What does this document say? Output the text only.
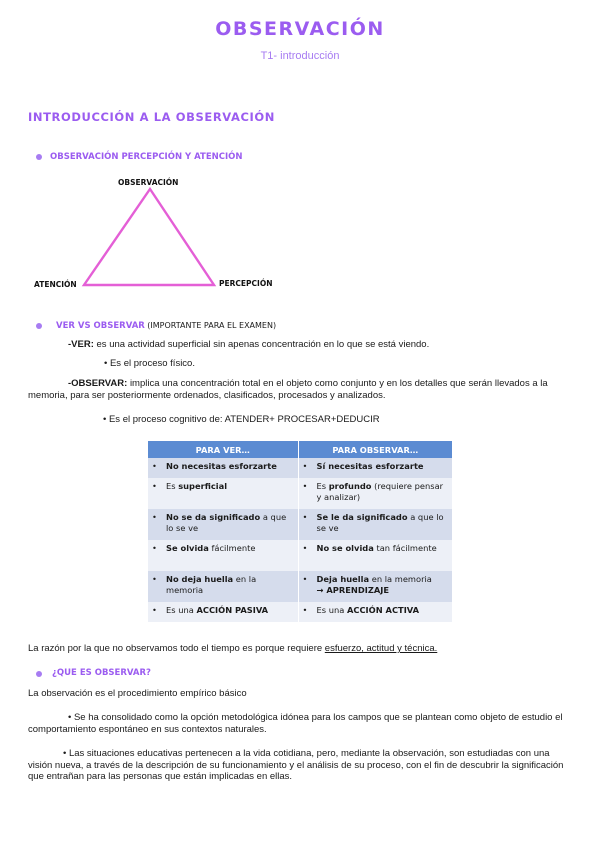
OBSERVACIÓN
T1- introducción
INTRODUCCIÓN A LA OBSERVACIÓN
OBSERVACIÓN PERCEPCIÓN Y ATENCIÓN
OBSERVACIÓN
ATENCIÓN	PERCEPCIÓN
VER VS OBSERVAR (IMPORTANTE PARA EL EXAMEN)
-VER: es una actividad superficial sin apenas concentración en lo que se está viendo.
• Es el proceso físico.
-OBSERVAR: implica una concentración total en el objeto como conjunto y en los detalles que serán llevados a la memoria, para ser posteriormente ordenados, clasificados, procesados y analizados.
• Es el proceso cognitivo de: ATENDER+ PROCESAR+DEDUCIR
PARA VER…	PARA OBSERVAR…

• No necesitas esforzarte	• Sí necesitas esforzarte

• Es superficial	• Es profundo (requiere pensar y analizar)

• No se da significado a que lo se ve	• Se le da significado a que lo se ve

• Se olvida fácilmente	• No se olvida tan fácilmente

• No deja huella en la memoria	• Deja huella en la memoria
→ APRENDIZAJE

• Es una ACCIÓN PASIVA	• Es una ACCIÓN ACTIVA
La razón por la que no observamos todo el tiempo es porque requiere esfuerzo, actitud y técnica.
¿QUE ES OBSERVAR?
La observación es el procedimiento empírico básico
• Se ha consolidado como la opción metodológica idónea para los campos que se plantean como objeto de estudio el comportamiento espontáneo en sus contextos naturales.
• Las situaciones educativas pertenecen a la vida cotidiana, pero, mediante la observación, son estudiadas con una visión nueva, a través de la descripción de su funcionamiento y el análisis de su proceso, con el fin de descubrir la significación que entrañan para las personas que están implicadas en ellas.
